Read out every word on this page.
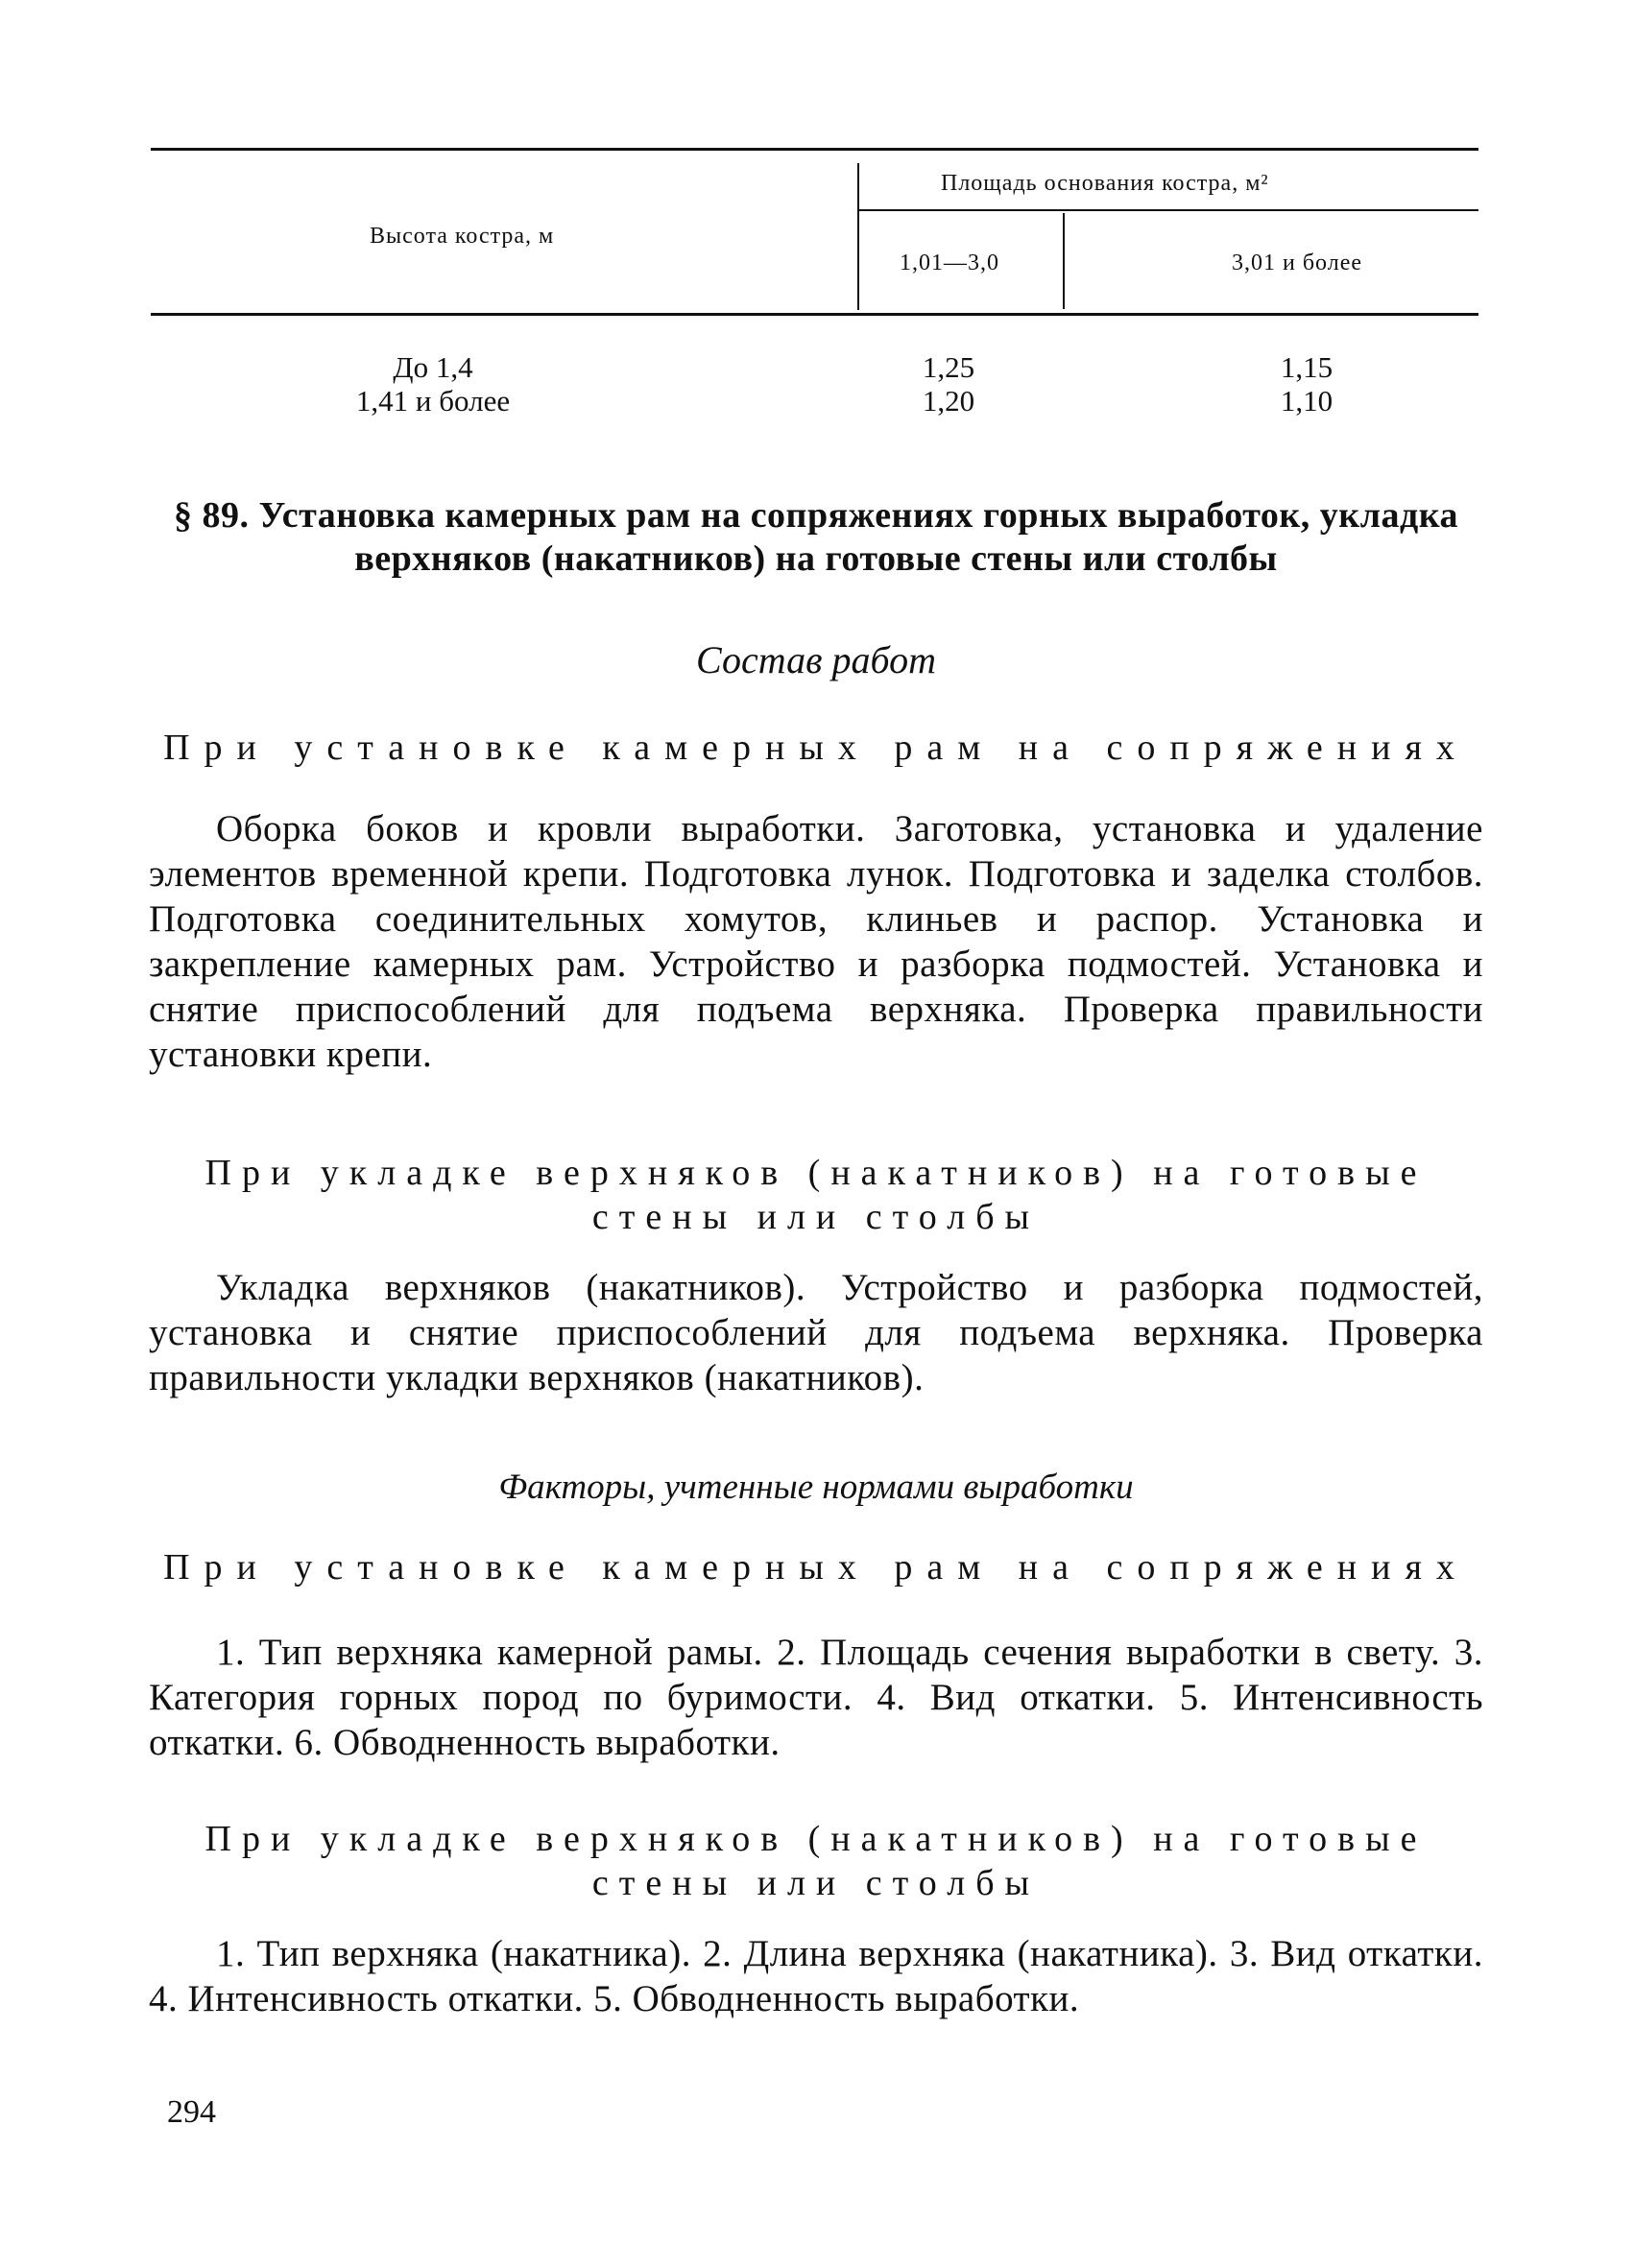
Высота костра, м
Площадь основания костра, м²
1,01—3,0	3,01 и более
До 1,4	1,25	1,15
1,41 и более	1,20	1,10
§ 89. Установка камерных рам на сопряжениях горных выработок, укладка верхняков (накатников) на готовые стены или столбы
Состав работ
При установке камерных рам на сопряжениях
Оборка боков и кровли выработки. Заготовка, установка и удаление элементов временной крепи. Подготовка лунок. Подготовка и заделка столбов. Подготовка соединительных хомутов, клиньев и распор. Установка и закрепление камерных рам. Устройство и разборка подмостей. Установка и снятие приспособлений для подъема верхняка. Проверка правильности установки крепи.
При укладке верхняков (накатников) на готовые стены или столбы
Укладка верхняков (накатников). Устройство и разборка подмостей, установка и снятие приспособлений для подъема верхняка. Проверка правильности укладки верхняков (накатников).
Факторы, учтенные нормами выработки
При установке камерных рам на сопряжениях
1. Тип верхняка камерной рамы. 2. Площадь сечения выработки в свету. 3. Категория горных пород по буримости. 4. Вид откатки. 5. Интенсивность откатки. 6. Обводненность выработки.
При укладке верхняков (накатников) на готовые стены или столбы
1. Тип верхняка (накатника). 2. Длина верхняка (накатника). 3. Вид откатки. 4. Интенсивность откатки. 5. Обводненность выработки.
294
